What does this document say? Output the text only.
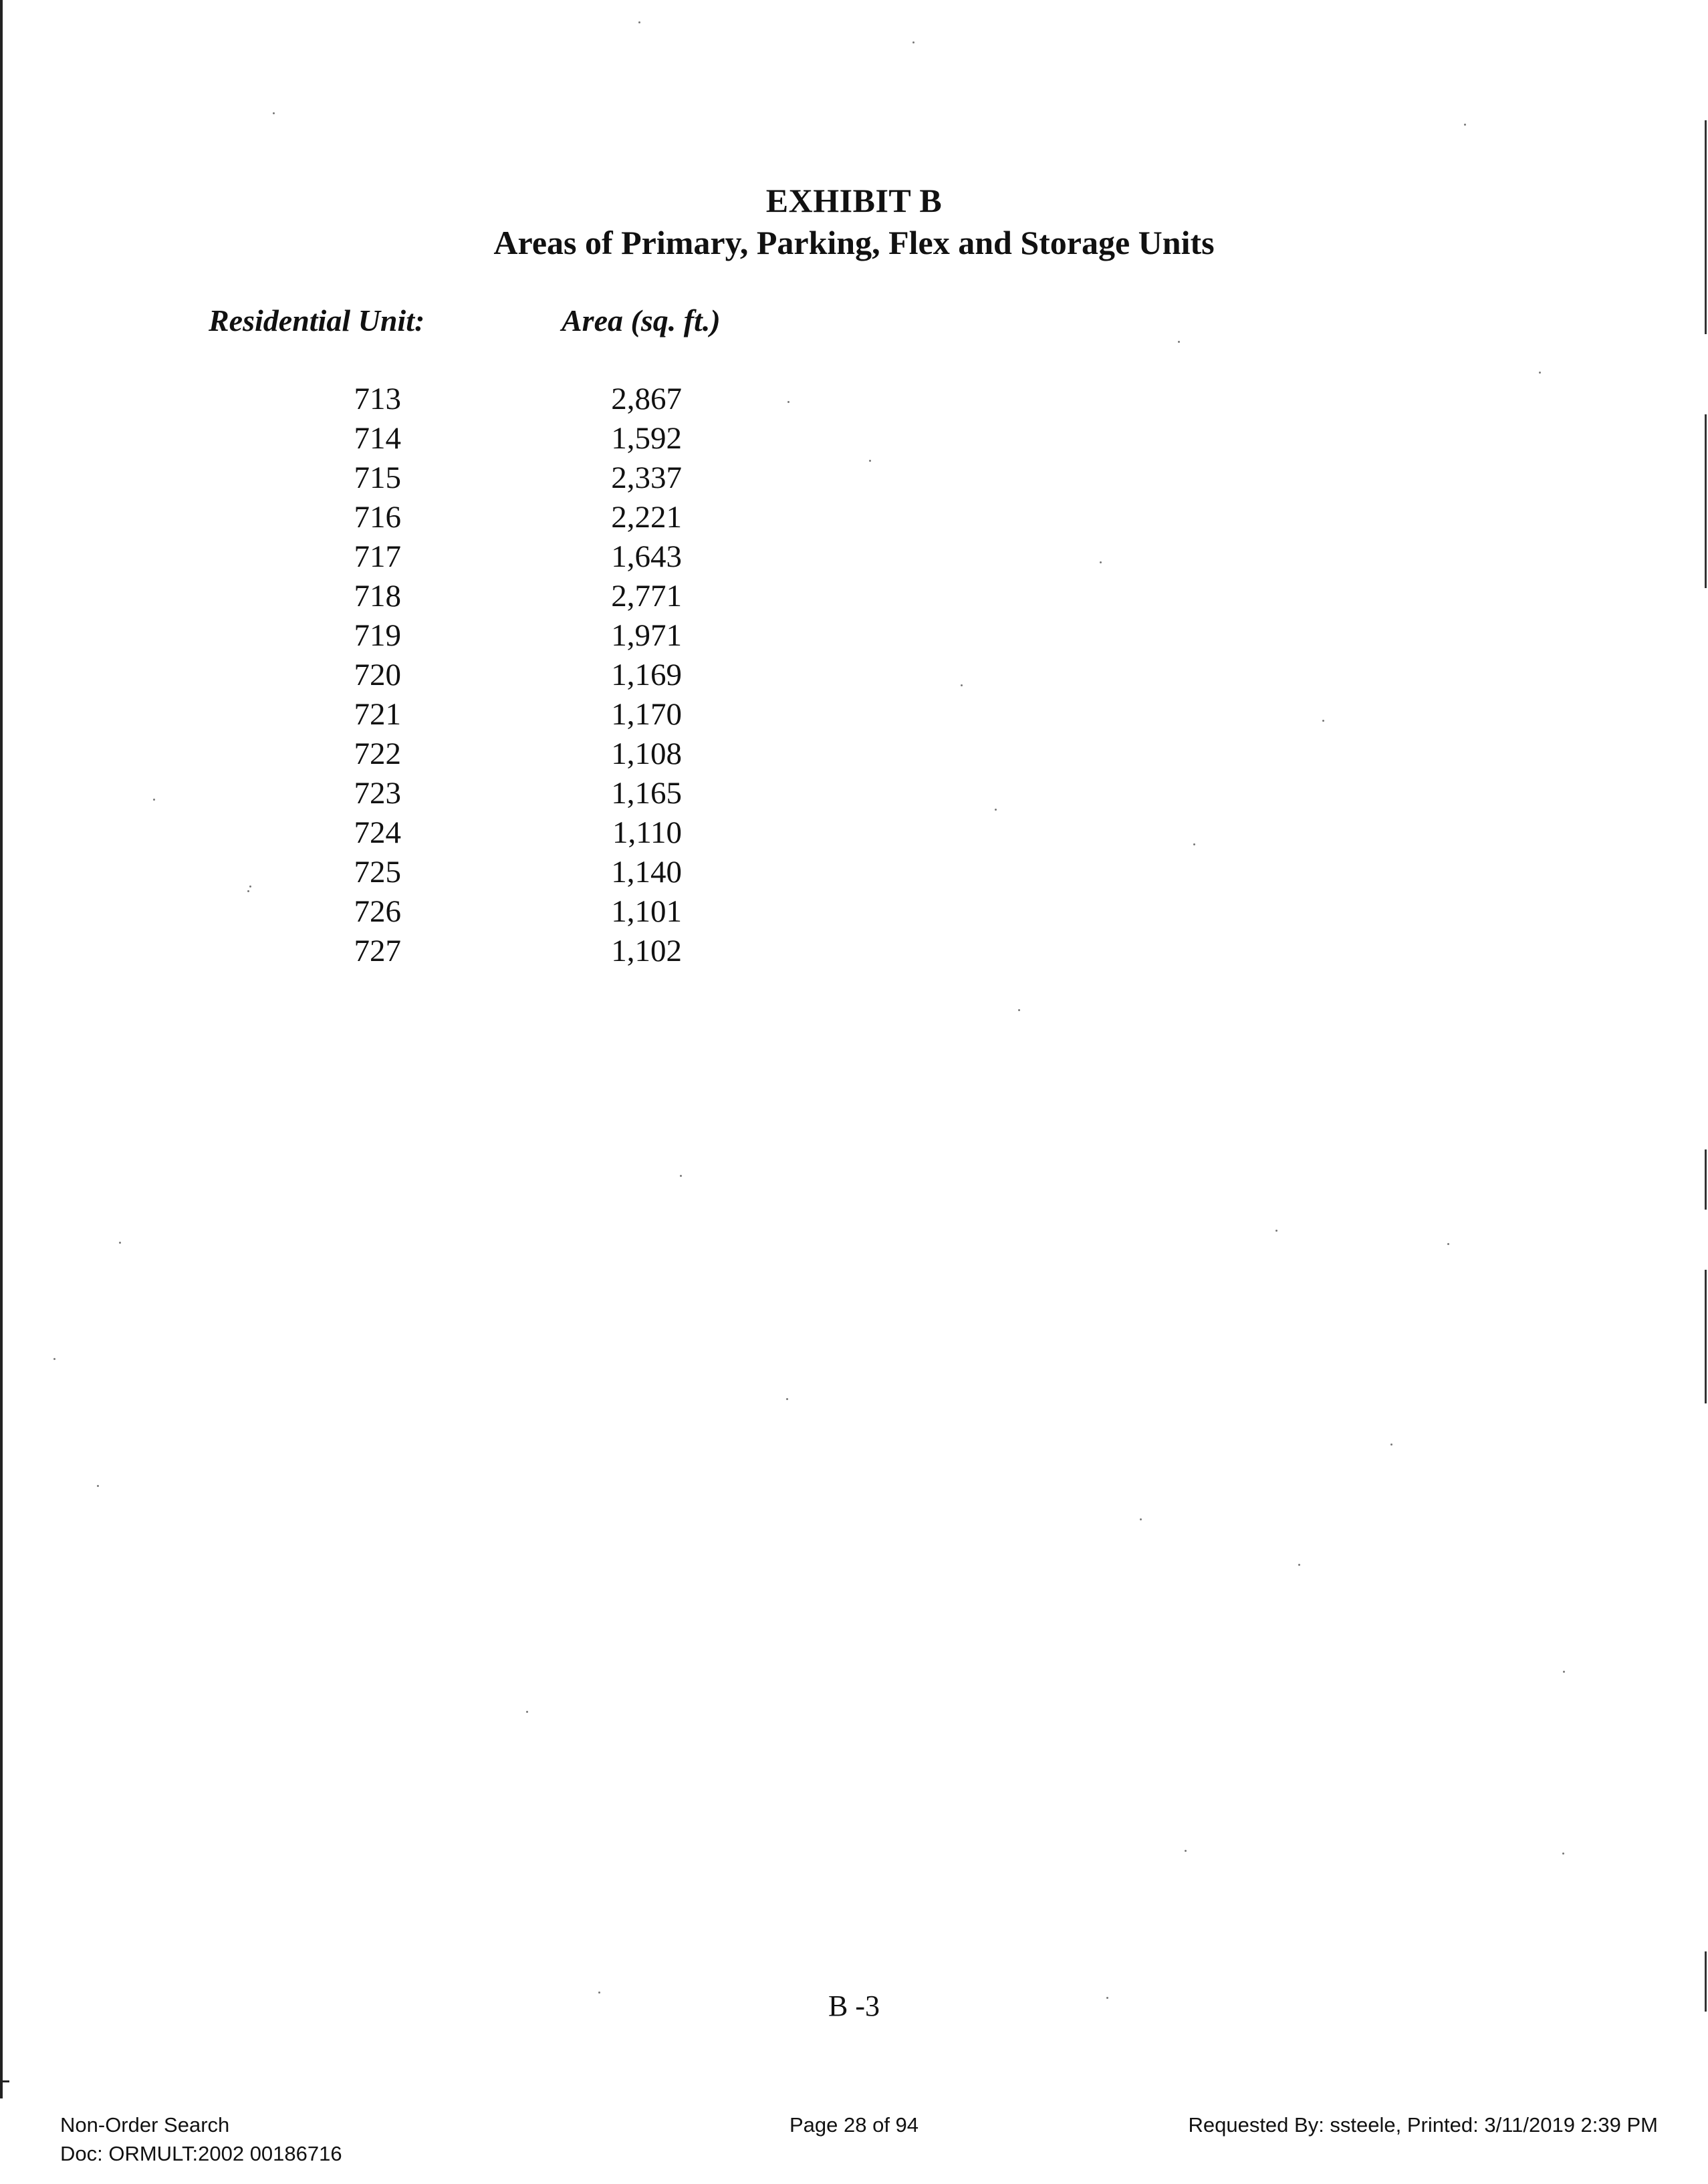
EXHIBIT B
Areas of Primary, Parking, Flex and Storage Units
Residential Unit:	Area (sq. ft.)
713	2,867
714	1,592
715	2,337
716	2,221
717	1,643
718	2,771
719	1,971
720	1,169
721	1,170
722	1,108
723	1,165
724	1,110
725	1,140
726	1,101
727	1,102
B -3
Non-Order Search
Doc: ORMULT:2002 00186716
Page 28 of 94	Requested By: ssteele, Printed: 3/11/2019 2:39 PM
